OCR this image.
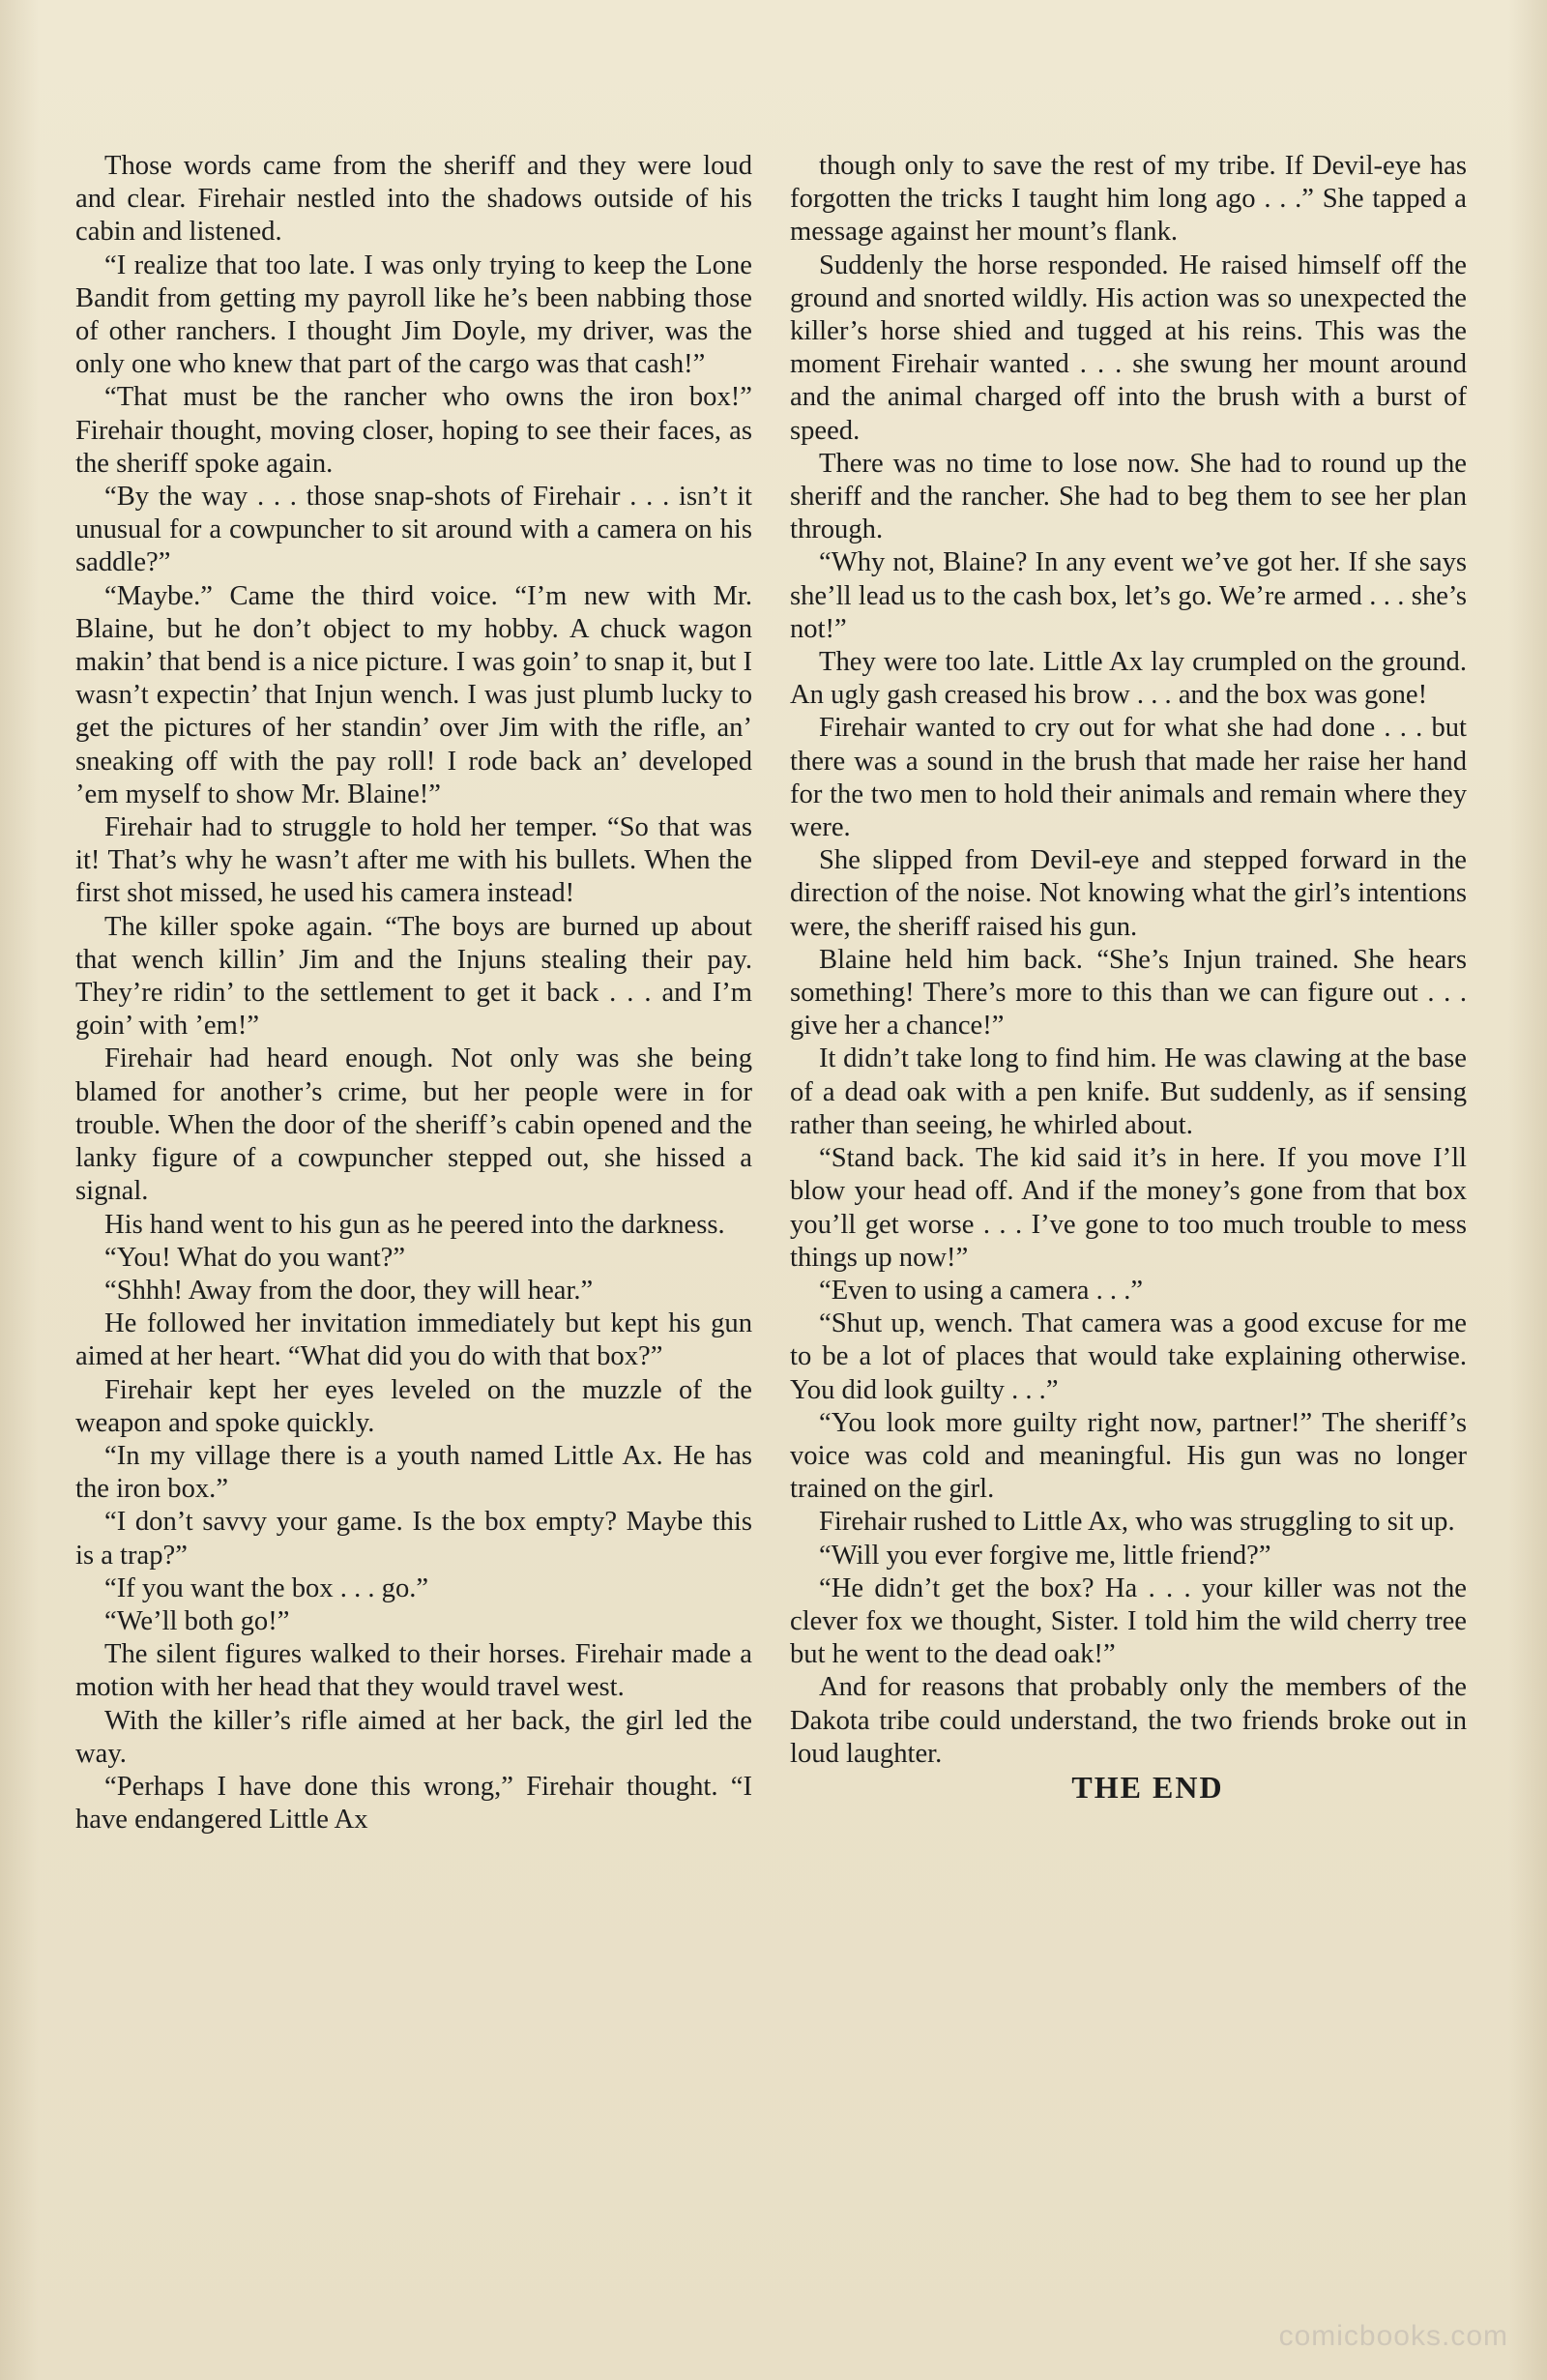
Those words came from the sheriff and they were loud and clear. Firehair nestled into the shadows outside of his cabin and listened.

“I realize that too late. I was only trying to keep the Lone Bandit from getting my payroll like he’s been nabbing those of other ranchers. I thought Jim Doyle, my driver, was the only one who knew that part of the cargo was that cash!”

“That must be the rancher who owns the iron box!” Firehair thought, moving closer, hoping to see their faces, as the sheriff spoke again.

“By the way . . . those snap-shots of Firehair . . . isn’t it unusual for a cowpuncher to sit around with a camera on his saddle?”

“Maybe.” Came the third voice. “I’m new with Mr. Blaine, but he don’t object to my hobby. A chuck wagon makin’ that bend is a nice picture. I was goin’ to snap it, but I wasn’t expectin’ that Injun wench. I was just plumb lucky to get the pictures of her standin’ over Jim with the rifle, an’ sneaking off with the pay roll! I rode back an’ developed ’em myself to show Mr. Blaine!”

Firehair had to struggle to hold her temper. “So that was it! That’s why he wasn’t after me with his bullets. When the first shot missed, he used his camera instead!

The killer spoke again. “The boys are burned up about that wench killin’ Jim and the Injuns stealing their pay. They’re ridin’ to the settlement to get it back . . . and I’m goin’ with ’em!”

Firehair had heard enough. Not only was she being blamed for another’s crime, but her people were in for trouble. When the door of the sheriff’s cabin opened and the lanky figure of a cowpuncher stepped out, she hissed a signal.

His hand went to his gun as he peered into the darkness.

“You! What do you want?”

“Shhh! Away from the door, they will hear.”

He followed her invitation immediately but kept his gun aimed at her heart. “What did you do with that box?”

Firehair kept her eyes leveled on the muzzle of the weapon and spoke quickly.

“In my village there is a youth named Little Ax. He has the iron box.”

“I don’t savvy your game. Is the box empty? Maybe this is a trap?”

“If you want the box . . . go.”

“We’ll both go!”

The silent figures walked to their horses. Firehair made a motion with her head that they would travel west.

With the killer’s rifle aimed at her back, the girl led the way.

“Perhaps I have done this wrong,” Firehair thought. “I have endangered Little Ax

though only to save the rest of my tribe. If Devil-eye has forgotten the tricks I taught him long ago . . .” She tapped a message against her mount’s flank.

Suddenly the horse responded. He raised himself off the ground and snorted wildly. His action was so unexpected the killer’s horse shied and tugged at his reins. This was the moment Firehair wanted . . . she swung her mount around and the animal charged off into the brush with a burst of speed.

There was no time to lose now. She had to round up the sheriff and the rancher. She had to beg them to see her plan through.

“Why not, Blaine? In any event we’ve got her. If she says she’ll lead us to the cash box, let’s go. We’re armed . . . she’s not!”

They were too late. Little Ax lay crumpled on the ground. An ugly gash creased his brow . . . and the box was gone!

Firehair wanted to cry out for what she had done . . . but there was a sound in the brush that made her raise her hand for the two men to hold their animals and remain where they were.

She slipped from Devil-eye and stepped forward in the direction of the noise. Not knowing what the girl’s intentions were, the sheriff raised his gun.

Blaine held him back. “She’s Injun trained. She hears something! There’s more to this than we can figure out . . . give her a chance!”

It didn’t take long to find him. He was clawing at the base of a dead oak with a pen knife. But suddenly, as if sensing rather than seeing, he whirled about.

“Stand back. The kid said it’s in here. If you move I’ll blow your head off. And if the money’s gone from that box you’ll get worse . . . I’ve gone to too much trouble to mess things up now!”

“Even to using a camera . . .”

“Shut up, wench. That camera was a good excuse for me to be a lot of places that would take explaining otherwise. You did look guilty . . .”

“You look more guilty right now, partner!” The sheriff’s voice was cold and meaningful. His gun was no longer trained on the girl.

Firehair rushed to Little Ax, who was struggling to sit up.

“Will you ever forgive me, little friend?”

“He didn’t get the box? Ha . . . your killer was not the clever fox we thought, Sister. I told him the wild cherry tree but he went to the dead oak!”

And for reasons that probably only the members of the Dakota tribe could understand, the two friends broke out in loud laughter.

THE END

comicbooks.com
